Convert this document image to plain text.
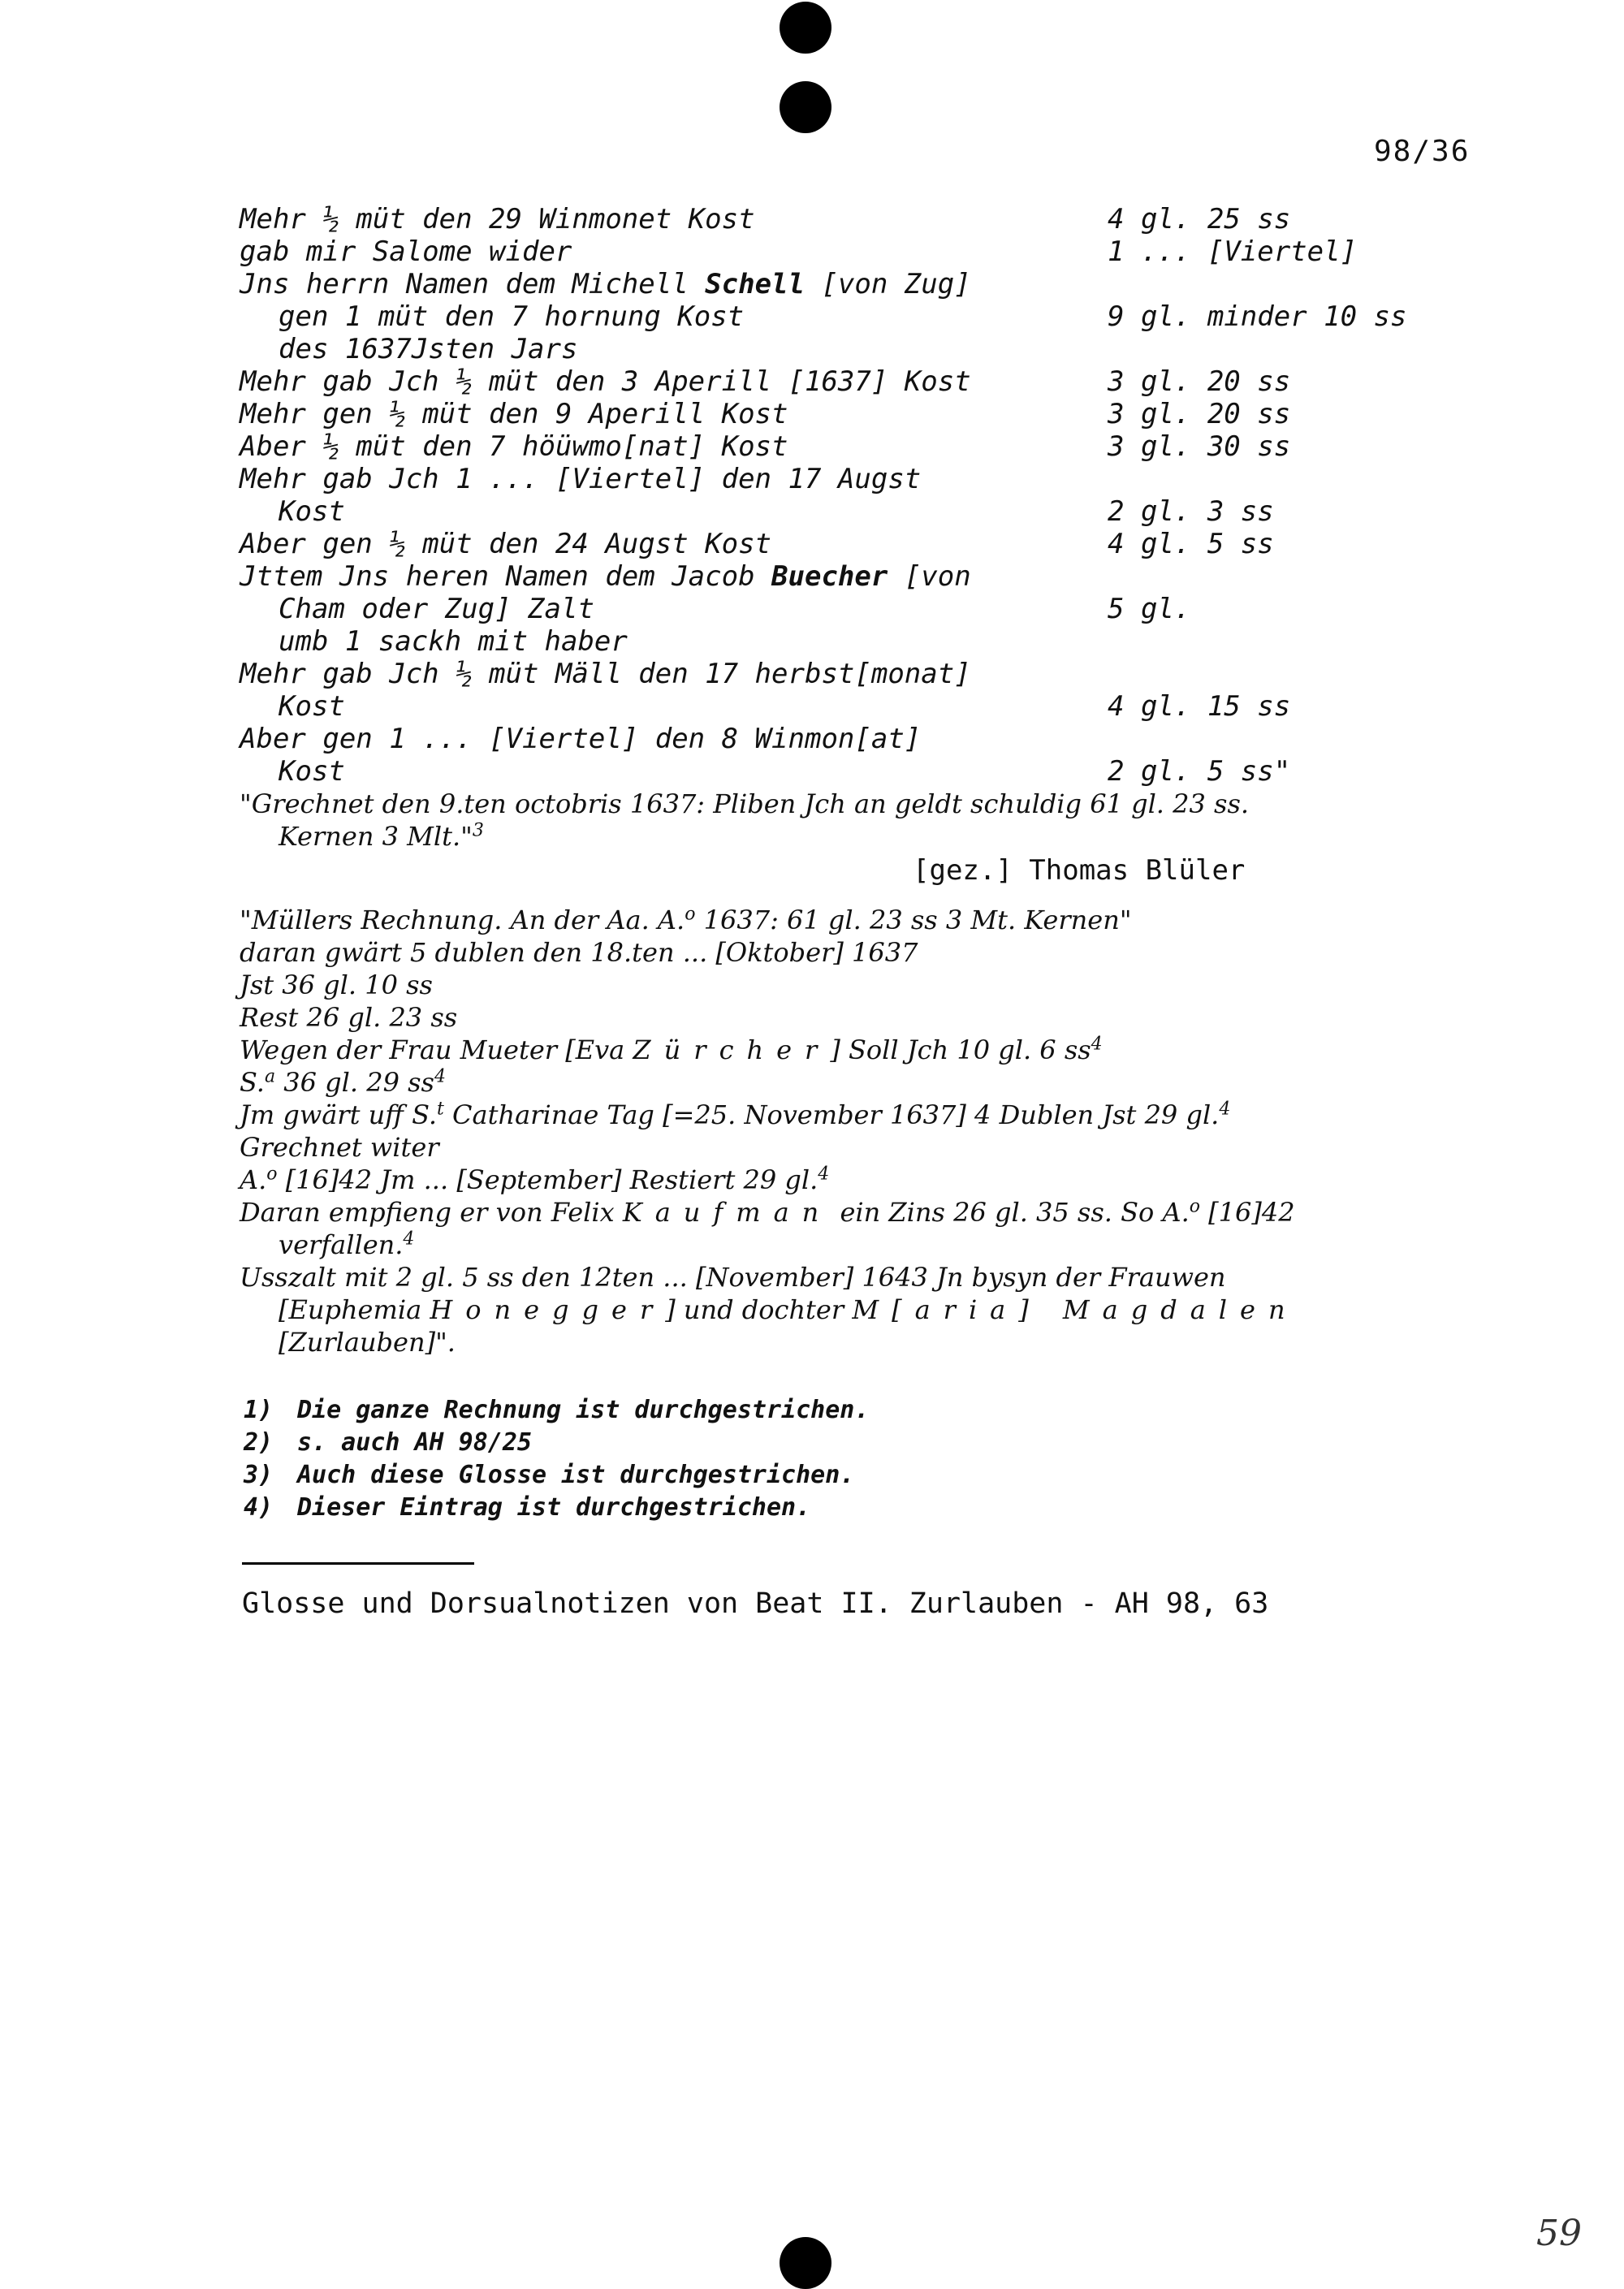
98/36
Mehr ½ müt den 29 Winmonet Kost	4 gl. 25 ss
gab mir Salome wider	1 ... [Viertel]
Jns herrn Namen dem Michell Schell [von Zug]
gen 1 müt den 7 hornung Kost	9 gl. minder 10 ss
des 1637Jsten Jars
Mehr gab Jch ½ müt den 3 Aperill [1637] Kost	3 gl. 20 ss
Mehr gen ½ müt den 9 Aperill Kost	3 gl. 20 ss
Aber ½ müt den 7 höüwmo[nat] Kost	3 gl. 30 ss
Mehr gab Jch 1 ... [Viertel] den 17 Augst
Kost	2 gl. 3 ss
Aber gen ½ müt den 24 Augst Kost	4 gl. 5 ss
Jttem Jns heren Namen dem Jacob Buecher [von
Cham oder Zug] Zalt	5 gl.
umb 1 sackh mit haber
Mehr gab Jch ½ müt Mäll den 17 herbst[monat]
Kost	4 gl. 15 ss
Aber gen 1 ... [Viertel] den 8 Winmon[at]
Kost	2 gl. 5 ss"
"Grechnet den 9.ten octobris 1637: Pliben Jch an geldt schuldig 61 gl. 23 ss.
Kernen 3 Mlt."$^3$
[gez.] Thomas Blüler
"Müllers Rechnung. An der Aa. A.$^o$ 1637: 61 gl. 23 ss 3 Mt. Kernen"
daran gwärt 5 dublen den 18.ten ... [Oktober] 1637
Jst 36 gl. 10 ss
Rest 26 gl. 23 ss
Wegen der Frau Mueter [Eva Zürcher] Soll Jch 10 gl. 6 $ss^4$
S.$^a$ 36 gl. 29 $ss^4$
Jm gwärt uff S.$^t$ Catharinae Tag [=25. November 1637] 4 Dublen Jst 29 gl.$^4$
Grechnet witer
A.$^o$ [16]42 Jm ... [September] Restiert 29 gl.$^4$
Daran empfieng er von Felix Kaufman ein Zins 26 gl. 35 ss. So A.$^o$ [16]42
verfallen.$^4$
Usszalt mit 2 gl. 5 ss den 12ten ... [November] 1643 Jn bysyn der Frauwen
[Euphemia Honegger] und dochter M[aria] Magdalen
[Zurlauben]".
1) Die ganze Rechnung ist durchgestrichen.
2) s. auch AH 98/25
3) Auch diese Glosse ist durchgestrichen.
4) Dieser Eintrag ist durchgestrichen.
Glosse und Dorsualnotizen von Beat II. Zurlauben - AH 98, 63
59
